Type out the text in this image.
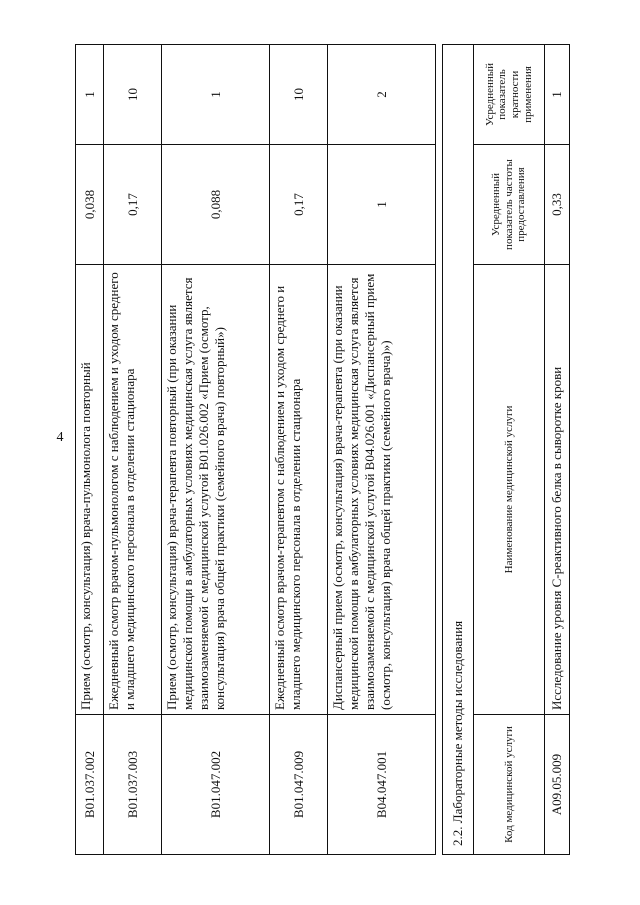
4
B01.037.002	Прием (осмотр, консультация) врача-пульмонолога повторный	0,038	1
B01.037.003	Ежедневный осмотр врачом-пульмонологом с наблюдением и уходом среднего и младшего медицинского персонала в отделении стационара	0,17	10
B01.047.002	Прием (осмотр, консультация) врача-терапевта повторный (при оказании медицинской помощи в амбулаторных условиях медицинская услуга является взаимозаменяемой с медицинской услугой B01.026.002 «Прием (осмотр, консультация) врача общей практики (семейного врача) повторный»)	0,088	1
B01.047.009	Ежедневный осмотр врачом-терапевтом с наблюдением и уходом среднего и младшего медицинского персонала в отделении стационара	0,17	10
B04.047.001	Диспансерный прием (осмотр, консультация) врача-терапевта (при оказании медицинской помощи в амбулаторных условиях медицинская услуга является взаимозаменяемой с медицинской услугой B04.026.001 «Диспансерный прием (осмотр, консультация) врача общей практики (семейного врача)»)	1	2
2.2. Лабораторные методы исследования			
Код медицинской услуги	Наименование медицинской услуги	Усредненный показатель частоты предоставления	Усредненный показатель кратности применения
A09.05.009	Исследование уровня С-реактивного белка в сыворотке крови	0,33	1
